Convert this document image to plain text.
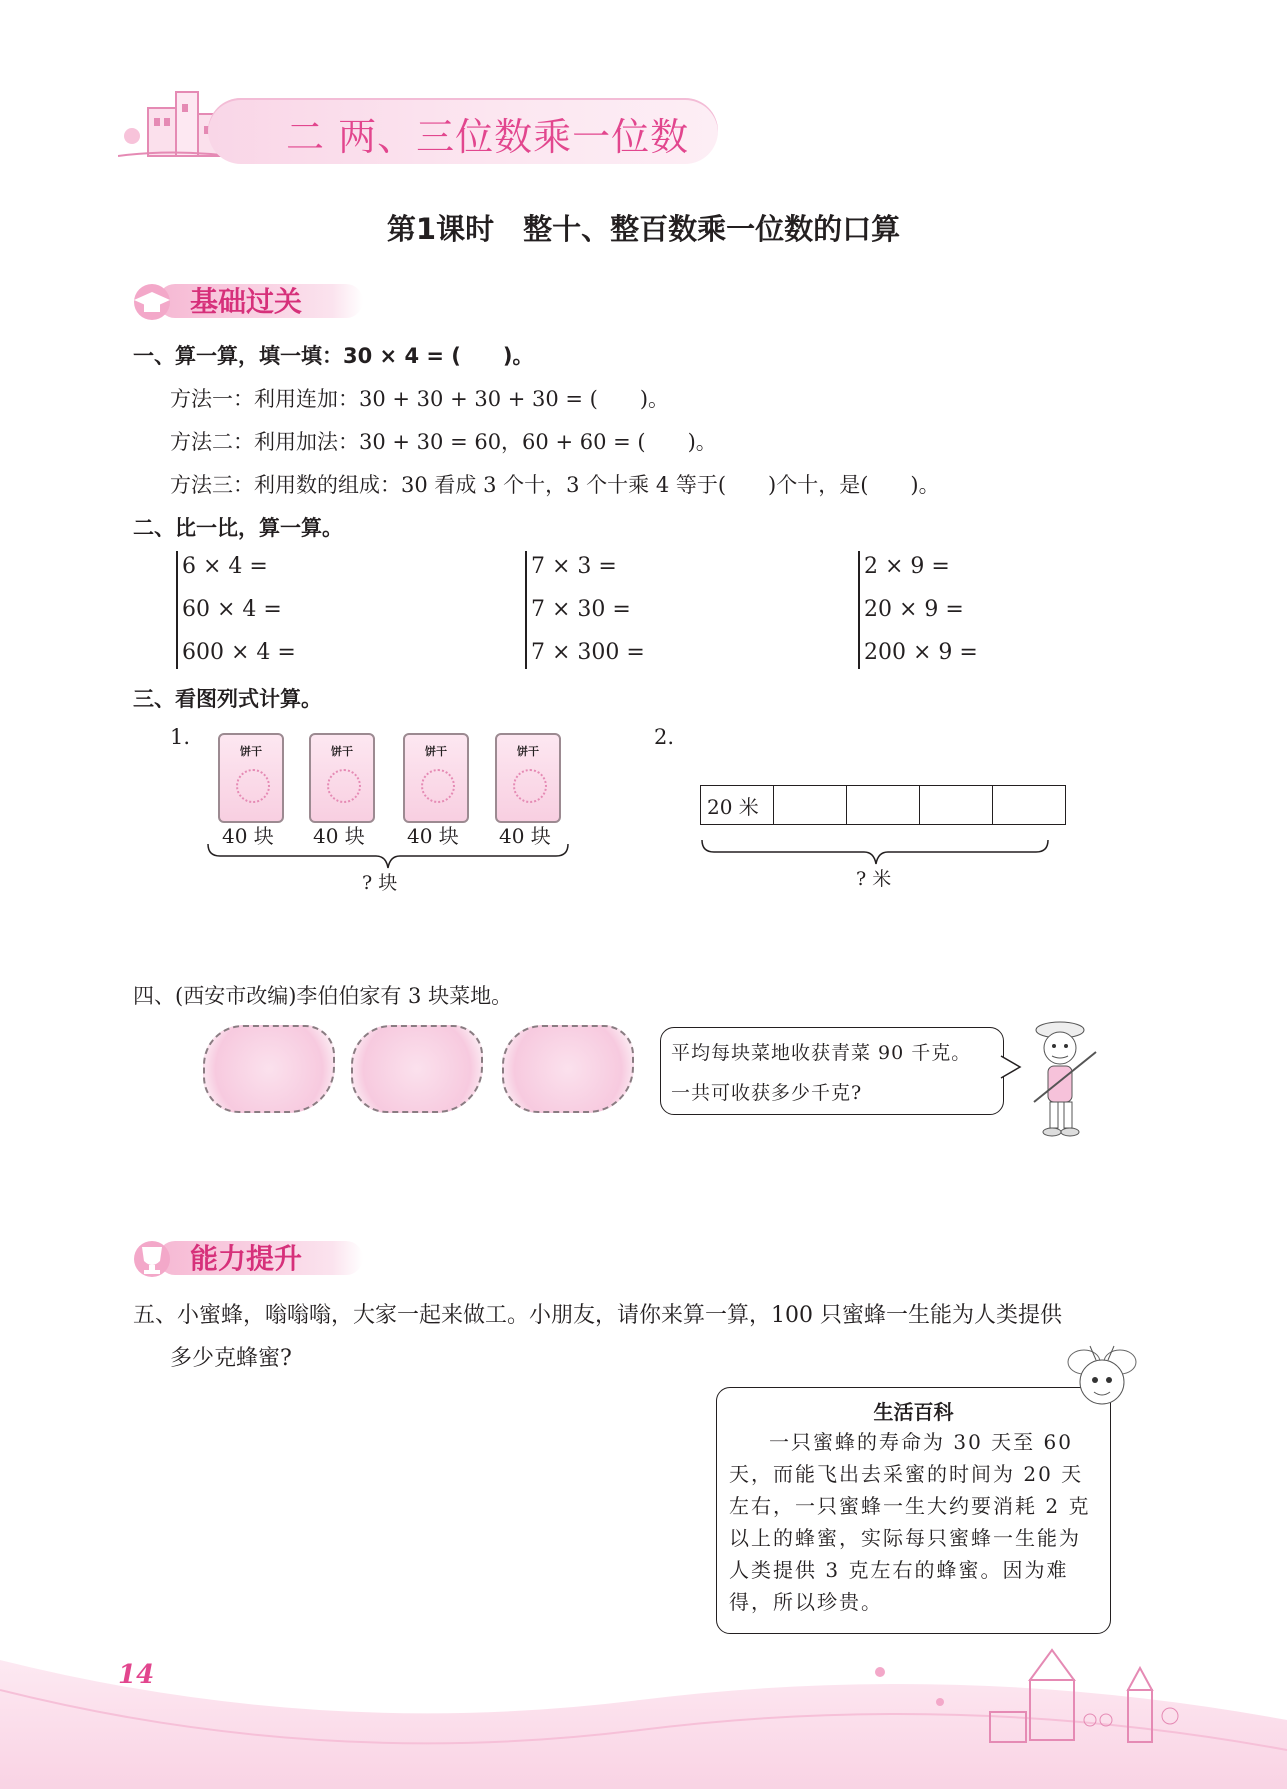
二 两、三位数乘一位数
第1课时　整十、整百数乘一位数的口算
基础过关
一、算一算，填一填：30 × 4 = (　　)。
方法一：利用连加：30 + 30 + 30 + 30 = (　　)。
方法二：利用加法：30 + 30 = 60，60 + 60 = (　　)。
方法三：利用数的组成：30 看成 3 个十，3 个十乘 4 等于(　　)个十，是(　　)。
二、比一比，算一算。
6 × 4 =
60 × 4 =
600 × 4 =
7 × 3 =
7 × 30 =
7 × 300 =
2 × 9 =
20 × 9 =
200 × 9 =
三、看图列式计算。
1.
饼干	饼干	饼干	饼干
40 块 40 块 40 块 40 块
? 块
2.
20 米				
? 米
四、(西安市改编)李伯伯家有 3 块菜地。
平均每块菜地收获青菜 90 千克。
一共可收获多少千克?
能力提升
五、小蜜蜂，嗡嗡嗡，大家一起来做工。小朋友，请你来算一算，100 只蜜蜂一生能为人类提供
多少克蜂蜜?
生活百科
一只蜜蜂的寿命为 30 天至 60 天，而能飞出去采蜜的时间为 20 天左右，一只蜜蜂一生大约要消耗 2 克以上的蜂蜜，实际每只蜜蜂一生能为人类提供 3 克左右的蜂蜜。因为难得，所以珍贵。
14
